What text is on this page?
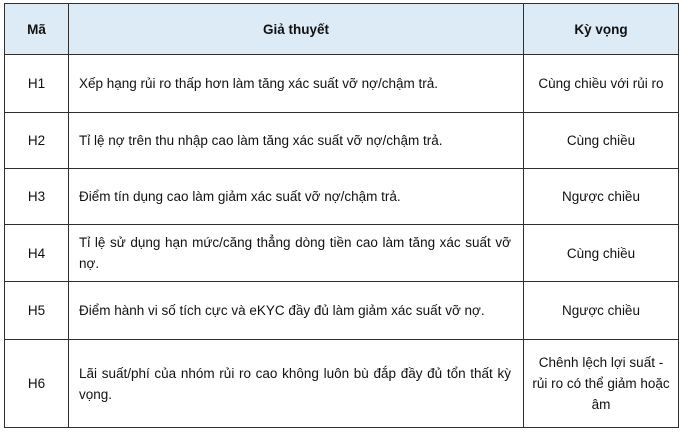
Mã	Giả thuyết	Kỳ vọng
H1	Xếp hạng rủi ro thấp hơn làm tăng xác suất vỡ nợ/chậm trả.	Cùng chiều với rủi ro
H2	Tỉ lệ nợ trên thu nhập cao làm tăng xác suất vỡ nợ/chậm trả.	Cùng chiều
H3	Điểm tín dụng cao làm giảm xác suất vỡ nợ/chậm trả.	Ngược chiều
H4	Tỉ lệ sử dụng hạn mức/căng thẳng dòng tiền cao làm tăng xác suất vỡ nợ.	Cùng chiều
H5	Điểm hành vi số tích cực và eKYC đầy đủ làm giảm xác suất vỡ nợ.	Ngược chiều
H6	Lãi suất/phí của nhóm rủi ro cao không luôn bù đắp đầy đủ tổn thất kỳ vọng.	Chênh lệch lợi suất - rủi ro có thể giảm hoặc âm
